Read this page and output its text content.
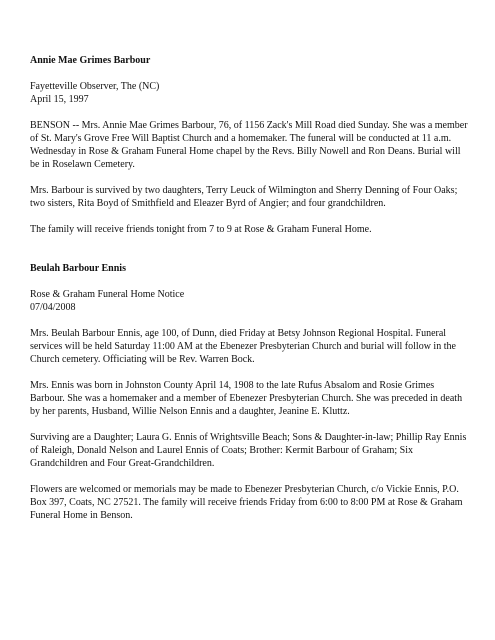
Annie Mae Grimes Barbour

Fayetteville Observer, The (NC)

April 15, 1997

BENSON -- Mrs. Annie Mae Grimes Barbour, 76, of 1156 Zack's Mill Road died Sunday. She was a member of St. Mary's Grove Free Will Baptist Church and a homemaker. The funeral will be conducted at 11 a.m. Wednesday in Rose & Graham Funeral Home chapel by the Revs. Billy Nowell and Ron Deans. Burial will be in Roselawn Cemetery.

Mrs. Barbour is survived by two daughters, Terry Leuck of Wilmington and Sherry Denning of Four Oaks; two sisters, Rita Boyd of Smithfield and Eleazer Byrd of Angier; and four grandchildren.

The family will receive friends tonight from 7 to 9 at Rose & Graham Funeral Home.

Beulah Barbour Ennis

Rose & Graham Funeral Home Notice

07/04/2008

Mrs. Beulah Barbour Ennis, age 100, of Dunn, died Friday at Betsy Johnson Regional Hospital. Funeral services will be held Saturday 11:00 AM at the Ebenezer Presbyterian Church and burial will follow in the Church cemetery. Officiating will be Rev. Warren Bock.

Mrs. Ennis was born in Johnston County April 14, 1908 to the late Rufus Absalom and Rosie Grimes Barbour. She was a homemaker and a member of Ebenezer Presbyterian Church. She was preceded in death by her parents, Husband, Willie Nelson Ennis and a daughter, Jeanine E. Kluttz.

Surviving are a Daughter; Laura G. Ennis of Wrightsville Beach; Sons & Daughter-in-law; Phillip Ray Ennis of Raleigh, Donald Nelson and Laurel Ennis of Coats; Brother: Kermit Barbour of Graham; Six Grandchildren and Four Great-Grandchildren.

Flowers are welcomed or memorials may be made to Ebenezer Presbyterian Church, c/o Vickie Ennis, P.O. Box 397, Coats, NC 27521. The family will receive friends Friday from 6:00 to 8:00 PM at Rose & Graham Funeral Home in Benson.
